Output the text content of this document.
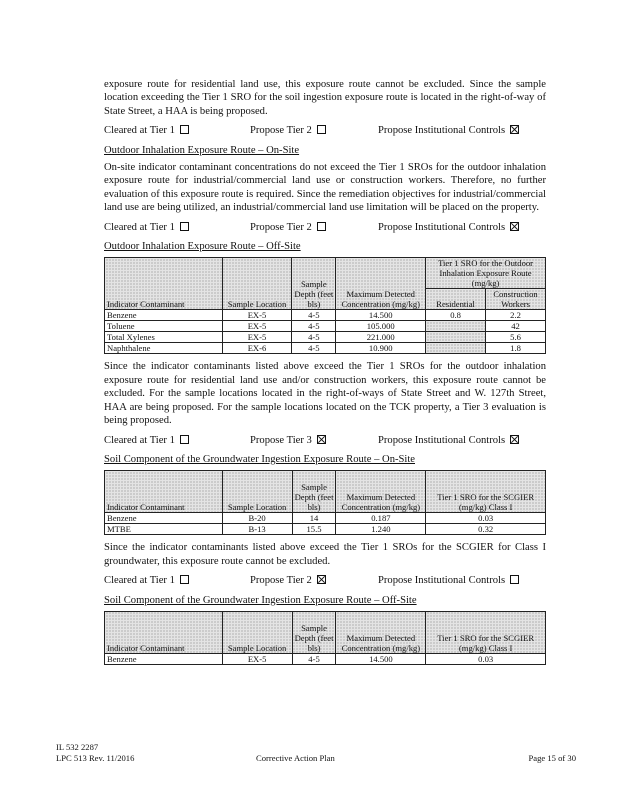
exposure route for residential land use, this exposure route cannot be excluded. Since the sample location exceeding the Tier 1 SRO for the soil ingestion exposure route is located in the right-of-way of State Street, a HAA is being proposed.

Cleared at Tier 1	Propose Tier 2	Propose Institutional Controls
Outdoor Inhalation Exposure Route – On-Site

On-site indicator contaminant concentrations do not exceed the Tier 1 SROs for the outdoor inhalation exposure route for industrial/commercial land use or construction workers. Therefore, no further evaluation of this exposure route is required. Since the remediation objectives for industrial/commercial land use are being utilized, an industrial/commercial land use limitation will be placed on the property.

Cleared at Tier 1	Propose Tier 2	Propose Institutional Controls
Outdoor Inhalation Exposure Route – Off-Site
Indicator Contaminant	Sample Location	Sample Depth (feet bls)	Maximum Detected Concentration (mg/kg)	Tier 1 SRO for the Outdoor Inhalation Exposure Route (mg/kg)	
				Residential	Construction Workers
Benzene	EX-5	4-5	14.500	0.8	2.2
Toluene	EX-5	4-5	105.000		42
Total Xylenes	EX-5	4-5	221.000		5.6
Naphthalene	EX-6	4-5	10.900		1.8

Since the indicator contaminants listed above exceed the Tier 1 SROs for the outdoor inhalation exposure route for residential land use and/or construction workers, this exposure route cannot be excluded. For the sample locations located in the right-of-ways of State Street and W. 127th Street, HAA are being proposed. For the sample locations located on the TCK property, a Tier 3 evaluation is being proposed.

Cleared at Tier 1	Propose Tier 3	Propose Institutional Controls
Soil Component of the Groundwater Ingestion Exposure Route – On-Site
Indicator Contaminant	Sample Location	Sample Depth (feet bls)	Maximum Detected Concentration (mg/kg)	Tier 1 SRO for the SCGIER (mg/kg) Class I
Benzene	B-20	14	0.187	0.03
MTBE	B-13	15.5	1.240	0.32

Since the indicator contaminants listed above exceed the Tier 1 SROs for the SCGIER for Class I groundwater, this exposure route cannot be excluded.

Cleared at Tier 1	Propose Tier 2	Propose Institutional Controls
Soil Component of the Groundwater Ingestion Exposure Route – Off-Site
Indicator Contaminant	Sample Location	Sample Depth (feet bls)	Maximum Detected Concentration (mg/kg)	Tier 1 SRO for the SCGIER (mg/kg) Class I
Benzene	EX-5	4-5	14.500	0.03
IL 532 2287
LPC 513 Rev. 11/2016	Corrective Action Plan	Page 15 of 30
